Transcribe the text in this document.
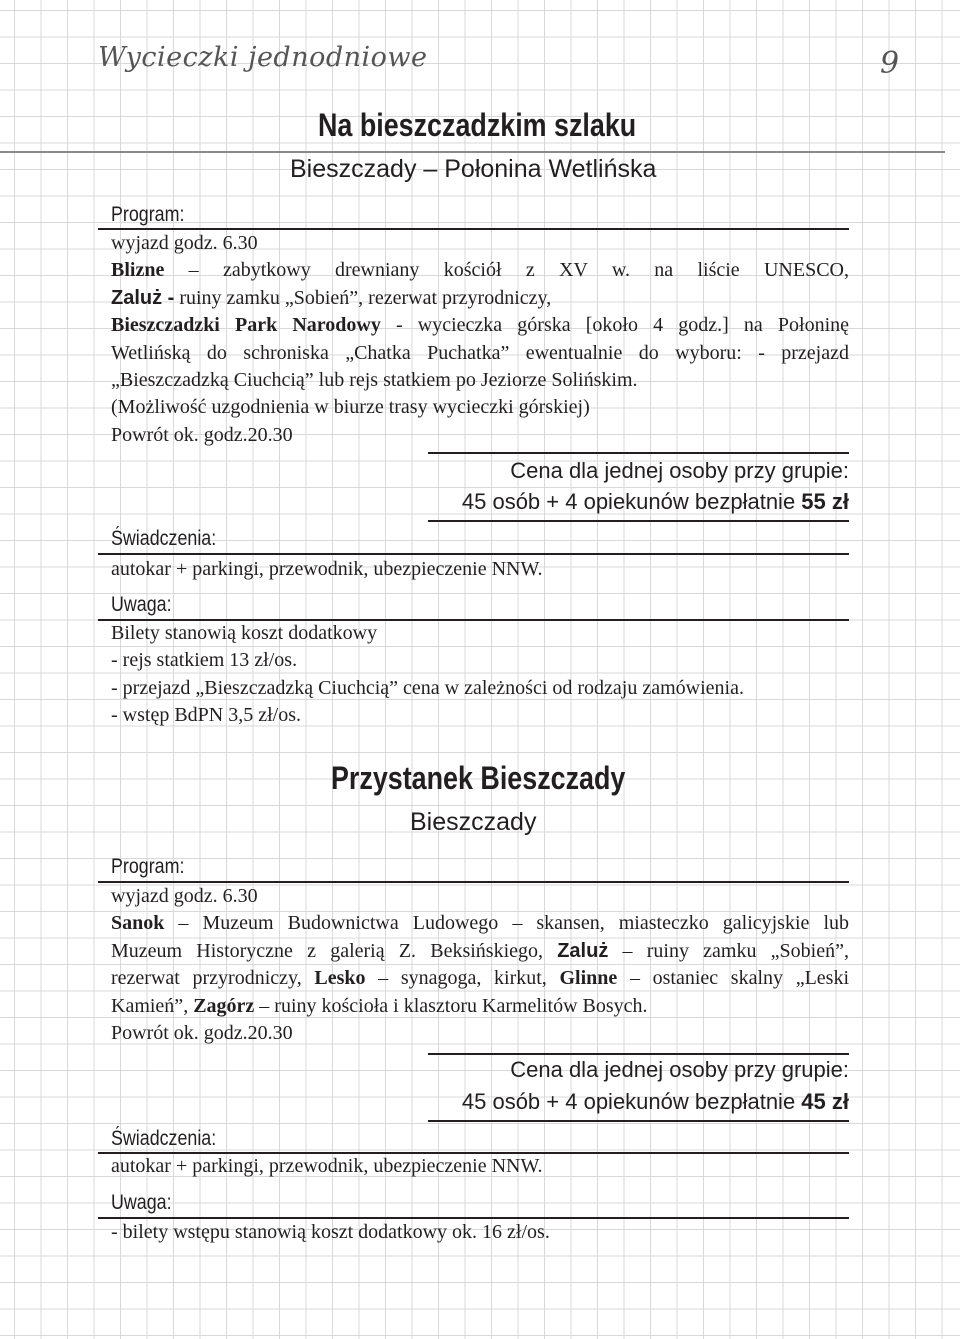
Wycieczki jednodniowe	9
Na bieszczadzkim szlaku
Bieszczady – Połonina Wetlińska
Program:

wyjazd godz. 6.30

Blizne – zabytkowy drewniany kościół z XV w. na liście UNESCO,

Zaluż - ruiny zamku „Sobień”, rezerwat przyrodniczy,

Bieszczadzki Park Narodowy - wycieczka górska [około 4 godz.] na Połoninę

Wetlińską do schroniska „Chatka Puchatka” ewentualnie do wyboru: - przejazd

„Bieszczadzką Ciuchcią” lub rejs statkiem po Jeziorze Solińskim.

(Możliwość uzgodnienia w biurze trasy wycieczki górskiej)

Powrót ok. godz.20.30

Cena dla jednej osoby przy grupie:
45 osób + 4 opiekunów bezpłatnie 55 zł
Świadczenia:
autokar + parkingi, przewodnik, ubezpieczenie NNW.
Uwaga:

Bilety stanowią koszt dodatkowy

- rejs statkiem 13 zł/os.

- przejazd „Bieszczadzką Ciuchcią” cena w zależności od rodzaju zamówienia.

- wstęp BdPN 3,5 zł/os.

Przystanek Bieszczady
Bieszczady
Program:

wyjazd godz. 6.30

Sanok – Muzeum Budownictwa Ludowego – skansen, miasteczko galicyjskie lub

Muzeum Historyczne z galerią Z. Beksińskiego, Zaluż – ruiny zamku „Sobień”,

rezerwat przyrodniczy, Lesko – synagoga, kirkut, Glinne – ostaniec skalny „Leski

Kamień”, Zagórz – ruiny kościoła i klasztoru Karmelitów Bosych.

Powrót ok. godz.20.30

Cena dla jednej osoby przy grupie:
45 osób + 4 opiekunów bezpłatnie 45 zł
Świadczenia:
autokar + parkingi, przewodnik, ubezpieczenie NNW.
Uwaga:
- bilety wstępu stanowią koszt dodatkowy ok. 16 zł/os.
